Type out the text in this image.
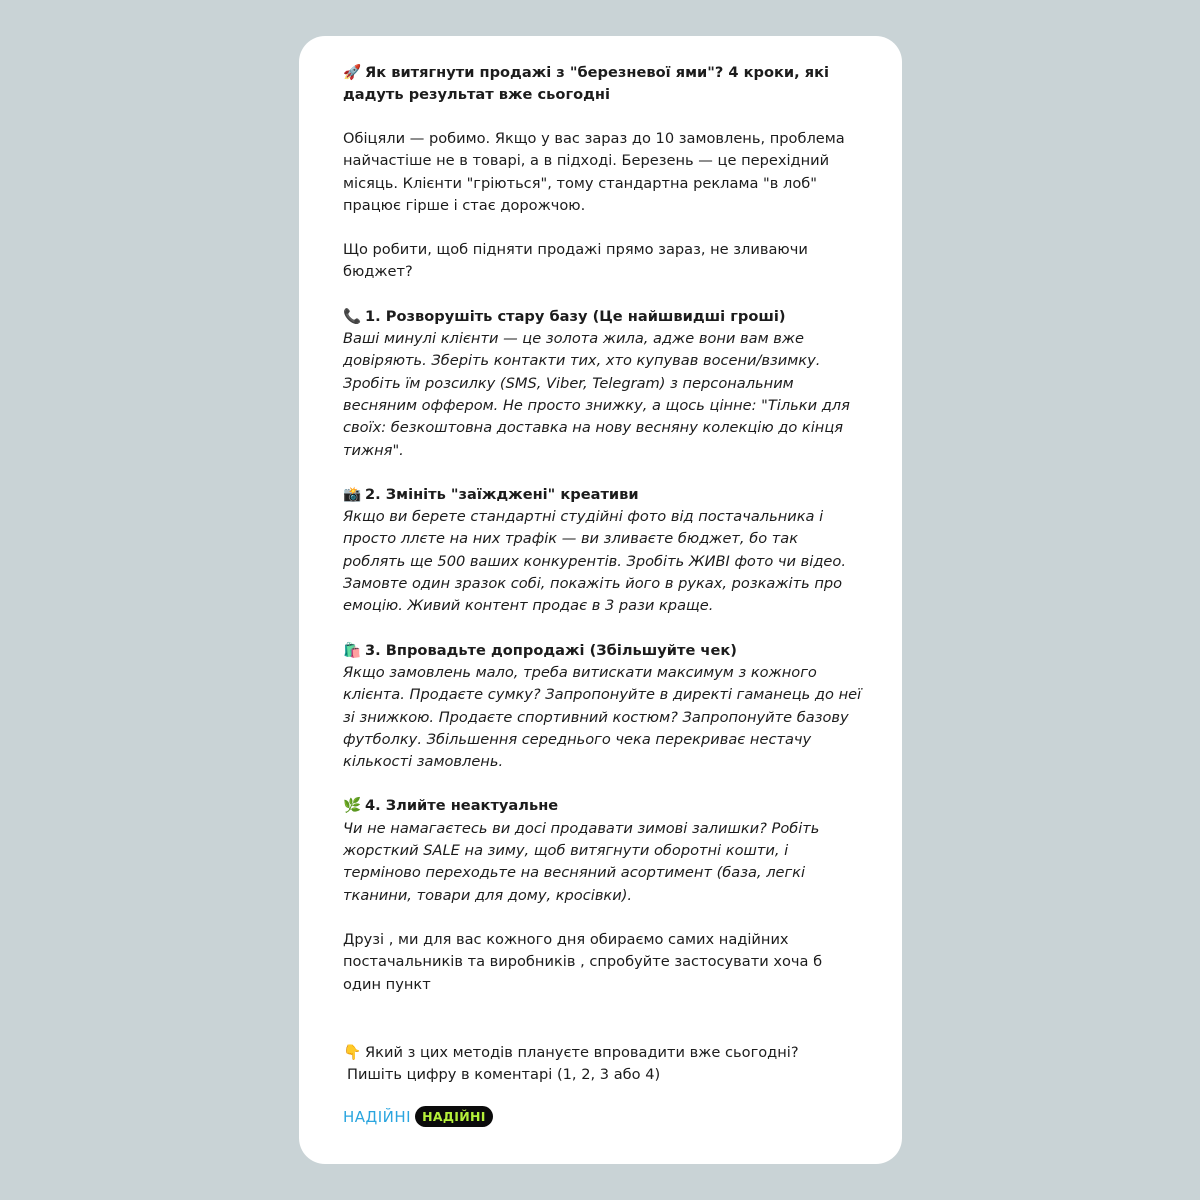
🚀 Як витягнути продажі з "березневої ями"? 4 кроки, які дадуть результат вже сьогодні

Обіцяли — робимо. Якщо у вас зараз до 10 замовлень, проблема найчастіше не в товарі, а в підході. Березень — це перехідний місяць. Клієнти "гріються", тому стандартна реклама "в лоб" працює гірше і стає дорожчою.

Що робити, щоб підняти продажі прямо зараз, не зливаючи бюджет?

📞 1. Розворушіть стару базу (Це найшвидші гроші)
Ваші минулі клієнти — це золота жила, адже вони вам вже довіряють. Зберіть контакти тих, хто купував восени/взимку. Зробіть їм розсилку (SMS, Viber, Telegram) з персональним весняним оффером. Не просто знижку, а щось цінне: "Тільки для своїх: безкоштовна доставка на нову весняну колекцію до кінця тижня".
📸 2. Змініть "заїжджені" креативи
Якщо ви берете стандартні студійні фото від постачальника і просто ллєте на них трафік — ви зливаєте бюджет, бо так роблять ще 500 ваших конкурентів. Зробіть ЖИВІ фото чи відео. Замовте один зразок собі, покажіть його в руках, розкажіть про емоцію. Живий контент продає в 3 рази краще.
🛍️ 3. Впровадьте допродажі (Збільшуйте чек)
Якщо замовлень мало, треба витискати максимум з кожного клієнта. Продаєте сумку? Запропонуйте в директі гаманець до неї зі знижкою. Продаєте спортивний костюм? Запропонуйте базову футболку. Збільшення середнього чека перекриває нестачу кількості замовлень.
🌿 4. Злийте неактуальне
Чи не намагаєтесь ви досі продавати зимові залишки? Робіть жорсткий SALE на зиму, щоб витягнути оборотні кошти, і терміново переходьте на весняний асортимент (база, легкі тканини, товари для дому, кросівки).

Друзі , ми для вас кожного дня обираємо самих надійних постачальників та виробників , спробуйте застосувати хоча б один пункт

👇 Який з цих методів плануєте впровадити вже сьогодні?
Пишіть цифру в коментарі (1, 2, 3 або 4)
НАДІЙНІ НАДІЙНІ
